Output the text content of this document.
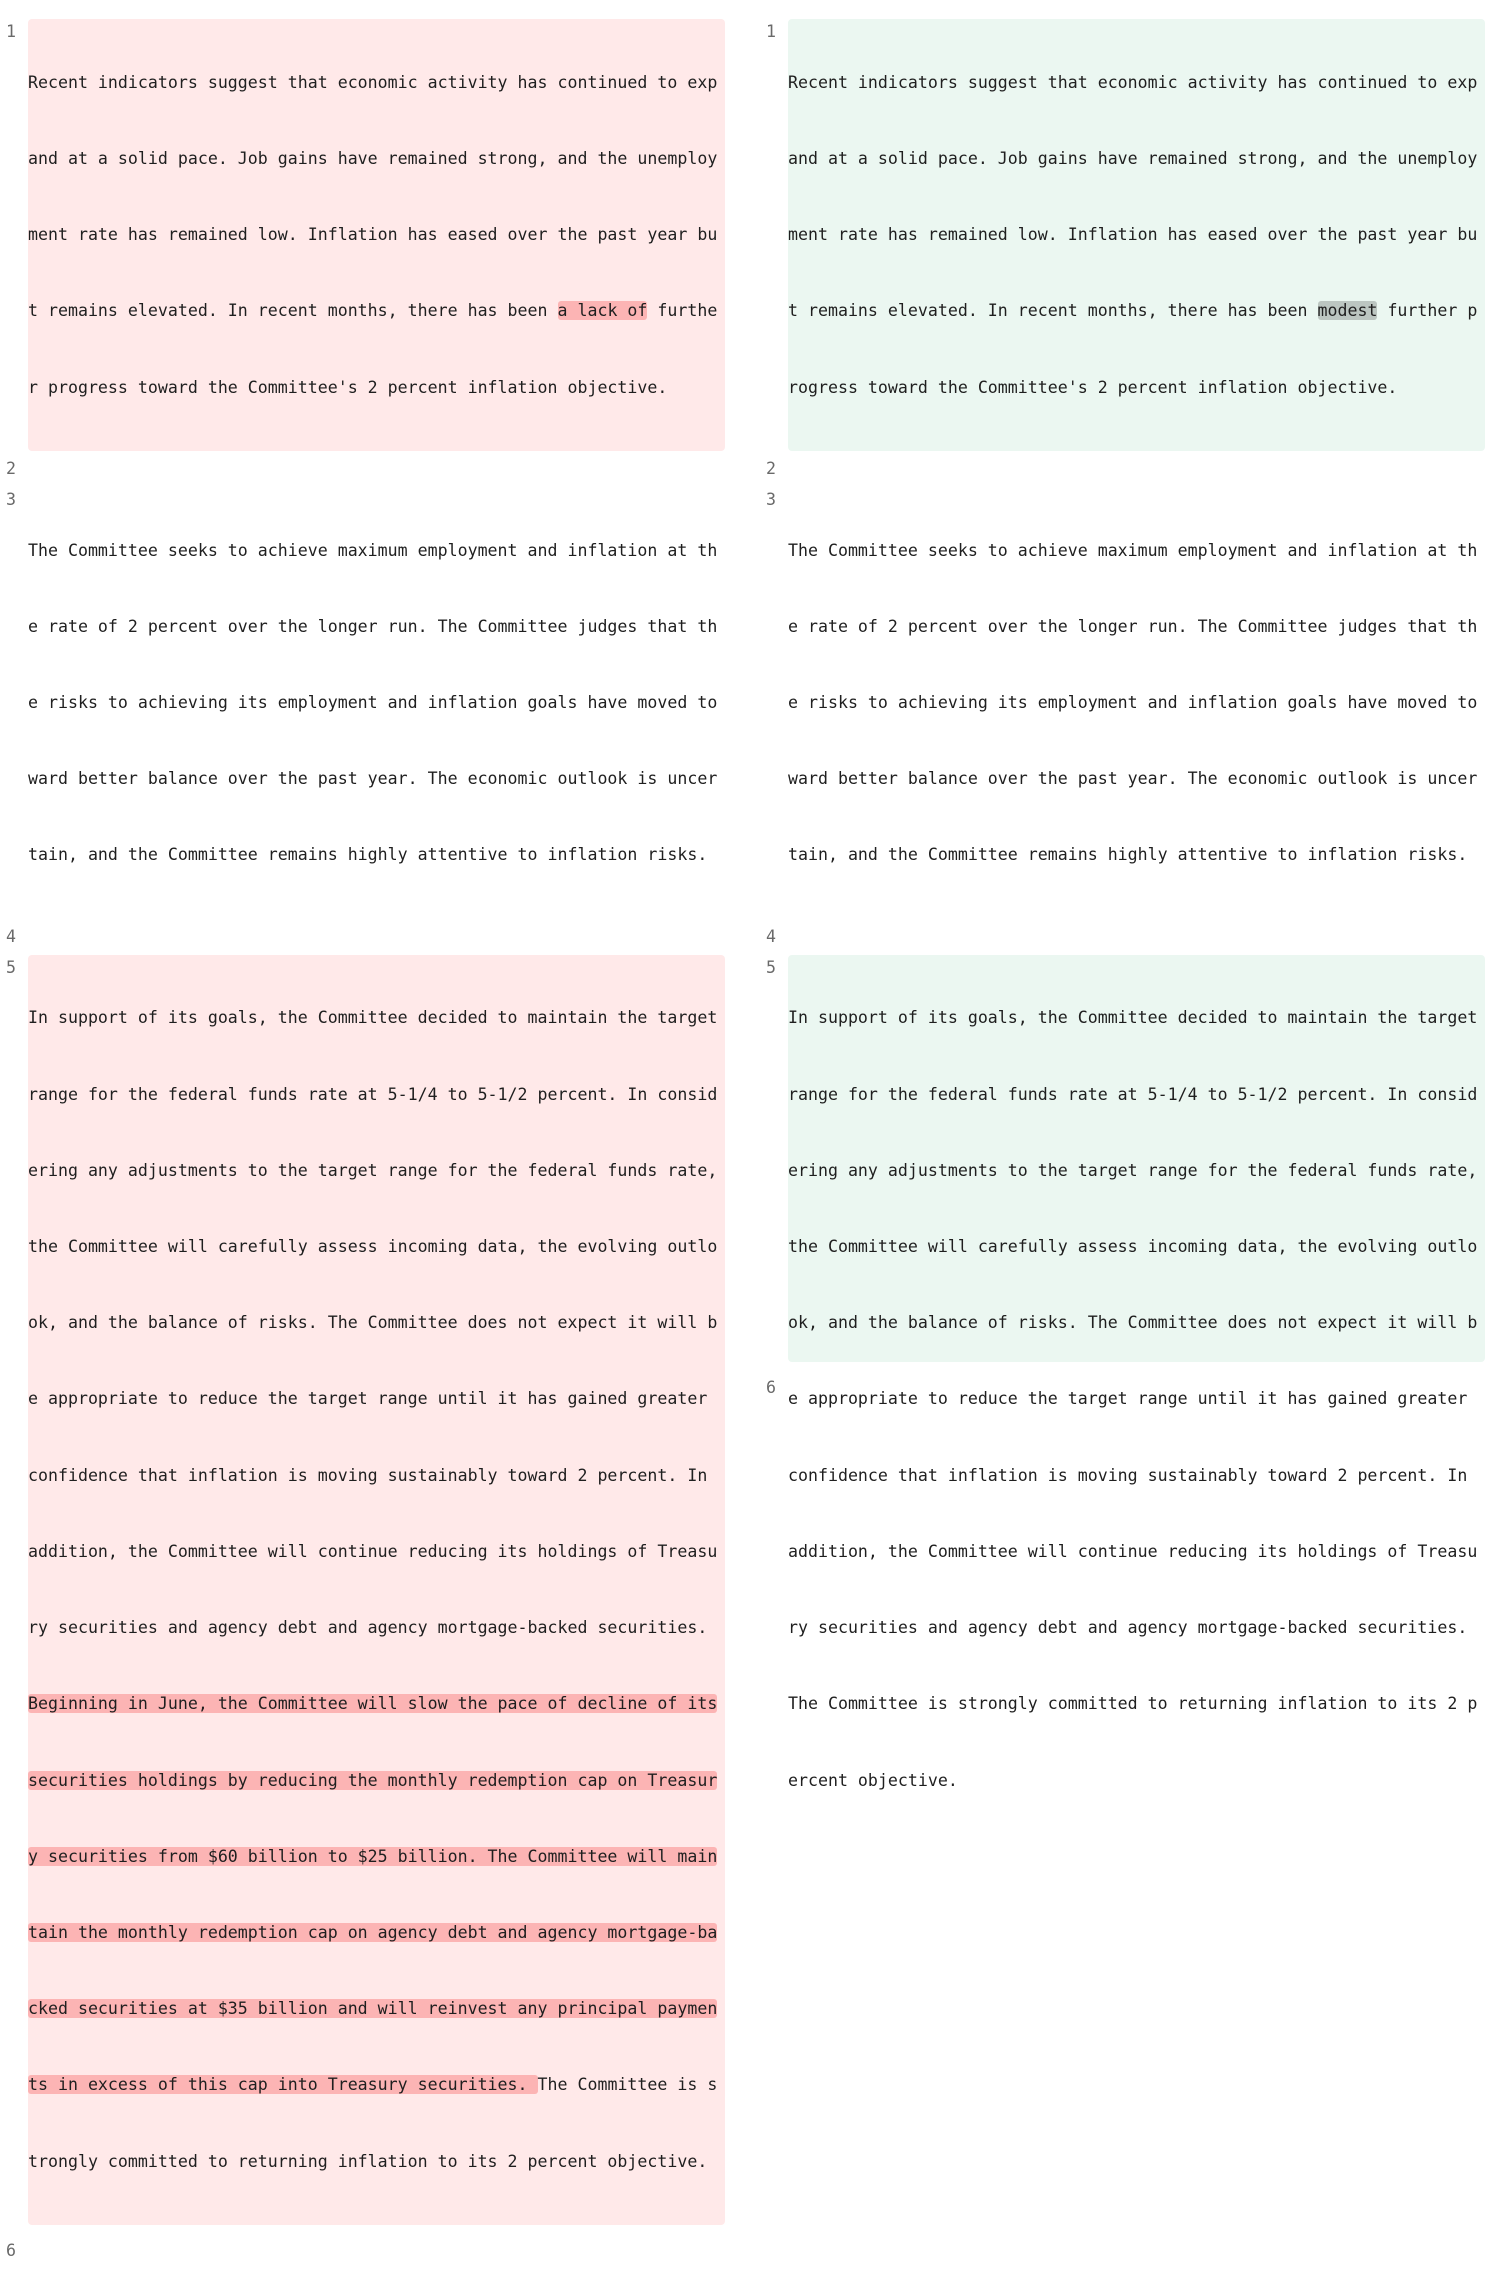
1

Recent indicators suggest that economic activity has continued to exp

and at a solid pace. Job gains have remained strong, and the unemploy

ment rate has remained low. Inflation has eased over the past year bu

t remains elevated. In recent months, there has been a lack of furthe

r progress toward the Committee's 2 percent inflation objective.

2
3

The Committee seeks to achieve maximum employment and inflation at th

e rate of 2 percent over the longer run. The Committee judges that th

e risks to achieving its employment and inflation goals have moved to

ward better balance over the past year. The economic outlook is uncer

tain, and the Committee remains highly attentive to inflation risks.

4
5

In support of its goals, the Committee decided to maintain the target

range for the federal funds rate at 5-1/4 to 5-1/2 percent. In consid

ering any adjustments to the target range for the federal funds rate,

the Committee will carefully assess incoming data, the evolving outlo

ok, and the balance of risks. The Committee does not expect it will b

e appropriate to reduce the target range until it has gained greater

confidence that inflation is moving sustainably toward 2 percent. In

addition, the Committee will continue reducing its holdings of Treasu

ry securities and agency debt and agency mortgage-backed securities.

Beginning in June, the Committee will slow the pace of decline of its

securities holdings by reducing the monthly redemption cap on Treasur

y securities from $60 billion to $25 billion. The Committee will main

tain the monthly redemption cap on agency debt and agency mortgage-ba

cked securities at $35 billion and will reinvest any principal paymen

ts in excess of this cap into Treasury securities. The Committee is s

trongly committed to returning inflation to its 2 percent objective.

6
1

Recent indicators suggest that economic activity has continued to exp

and at a solid pace. Job gains have remained strong, and the unemploy

ment rate has remained low. Inflation has eased over the past year bu

t remains elevated. In recent months, there has been modest further p

rogress toward the Committee's 2 percent inflation objective.

2
3

The Committee seeks to achieve maximum employment and inflation at th

e rate of 2 percent over the longer run. The Committee judges that th

e risks to achieving its employment and inflation goals have moved to

ward better balance over the past year. The economic outlook is uncer

tain, and the Committee remains highly attentive to inflation risks.

4
5

In support of its goals, the Committee decided to maintain the target

range for the federal funds rate at 5-1/4 to 5-1/2 percent. In consid

ering any adjustments to the target range for the federal funds rate,

the Committee will carefully assess incoming data, the evolving outlo

ok, and the balance of risks. The Committee does not expect it will b

e appropriate to reduce the target range until it has gained greater

confidence that inflation is moving sustainably toward 2 percent. In

addition, the Committee will continue reducing its holdings of Treasu

ry securities and agency debt and agency mortgage-backed securities.

The Committee is strongly committed to returning inflation to its 2 p

ercent objective.

6
